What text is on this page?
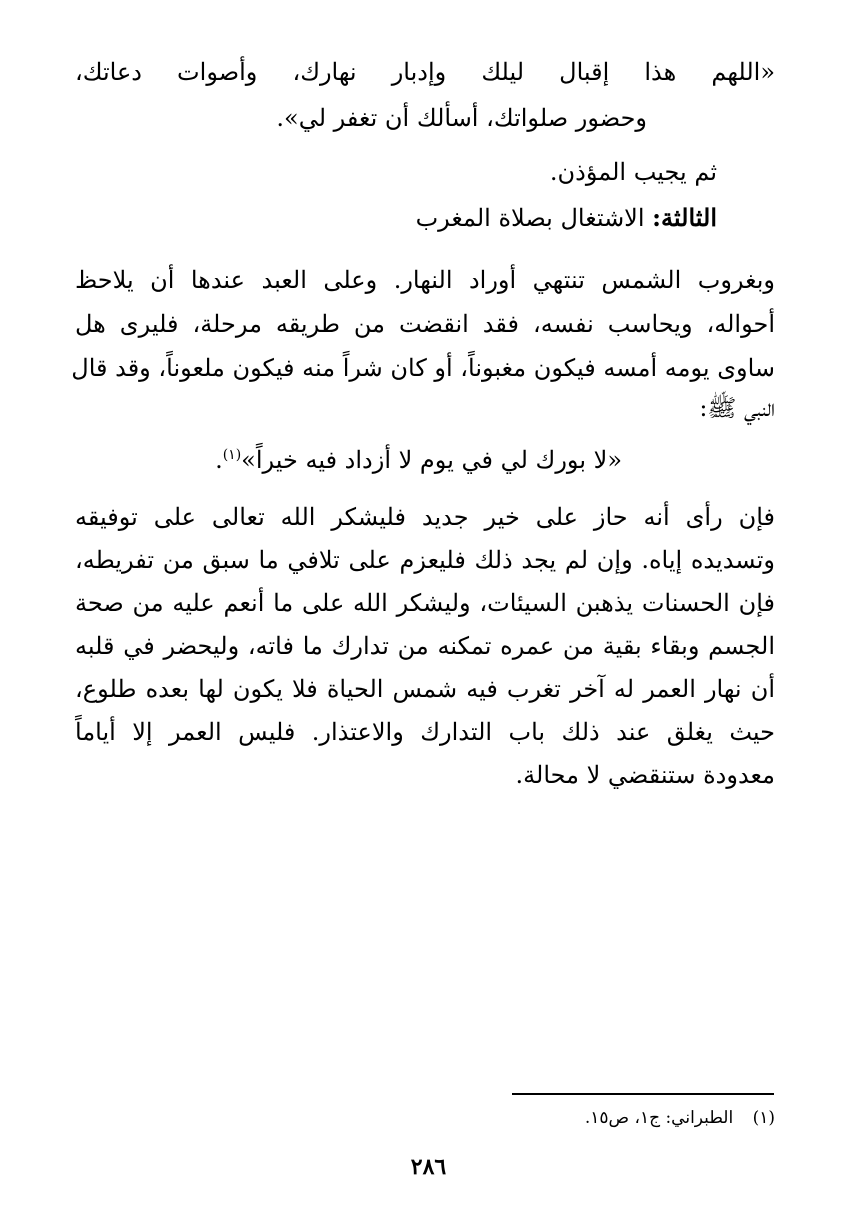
«اللهم هذا إقبال ليلك وإدبار نهارك، وأصوات دعاتك،
وحضور صلواتك، أسألك أن تغفر لي».
ثم يجيب المؤذن.
الثالثة: الاشتغال بصلاة المغرب
وبغروب الشمس تنتهي أوراد النهار. وعلى العبد عندها أن يلاحظ
أحواله، ويحاسب نفسه، فقد انقضت من طريقه مرحلة، فليرى هل
ساوى يومه أمسه فيكون مغبوناً، أو كان شراً منه فيكون ملعوناً، وقد قال
النبي ﷺ:
«لا بورك لي في يوم لا أزداد فيه خيراً»$^{(١)}$.
فإن رأى أنه حاز على خير جديد فليشكر الله تعالى على توفيقه
وتسديده إياه. وإن لم يجد ذلك فليعزم على تلافي ما سبق من تفريطه،
فإن الحسنات يذهبن السيئات، وليشكر الله على ما أنعم عليه من صحة
الجسم وبقاء بقية من عمره تمكنه من تدارك ما فاته، وليحضر في قلبه
أن نهار العمر له آخر تغرب فيه شمس الحياة فلا يكون لها بعده طلوع،
حيث يغلق عند ذلك باب التدارك والاعتذار. فليس العمر إلا أياماً
معدودة ستنقضي لا محالة.
(١) الطبراني: ج١، ص١٥.
٢٨٦
